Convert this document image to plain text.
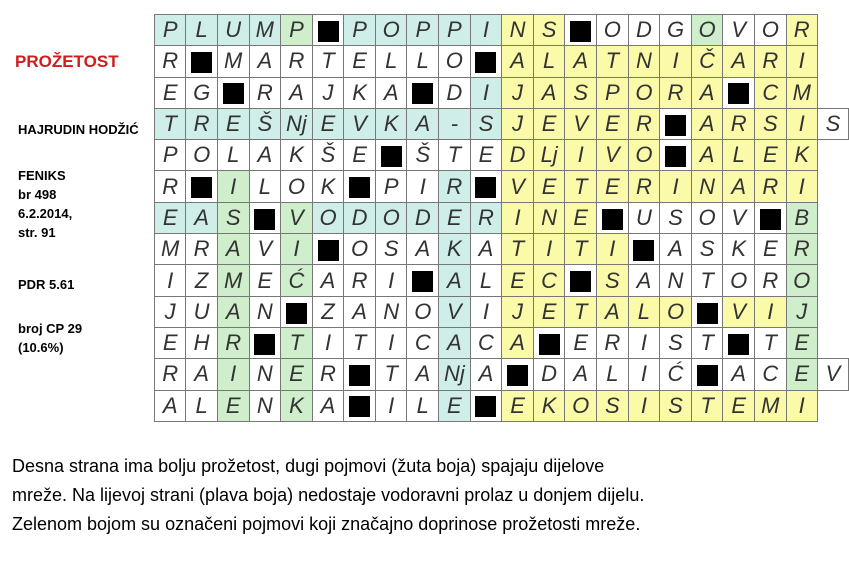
PROŽETOST
HAJRUDIN HODŽIĆ
FENIKS
br 498
6.2.2014,
str. 91
PDR 5.61
broj CP 29
(10.6%)
P	L	U	M	P		P	O	P	P	I	N	S		O	D	G	O	V	O	R	
R		M	A	R	T	E	L	L	O		A	L	A	T	N	I	Č	A	R	I	
E	G		R	A	J	K	A		D	I	J	A	S	P	O	R	A		C	M	
T	R	E	Š	Nj	E	V	K	A	-	S	J	E	V	E	R		A	R	S	I	S
P	O	L	A	K	Š	E		Š	T	E	D	Lj	I	V	O		A	L	E	K	
R		I	L	O	K		P	I	R		V	E	T	E	R	I	N	A	R	I	
E	A	S		V	O	D	O	D	E	R	I	N	E		U	S	O	V		B	
M	R	A	V	I		O	S	A	K	A	T	I	T	I		A	S	K	E	R	
I	Z	M	E	Ć	A	R	I		A	L	E	C		S	A	N	T	O	R	O	
J	U	A	N		Z	A	N	O	V	I	J	E	T	A	L	O		V	I	J	
E	H	R		T	I	T	I	C	A	C	A		E	R	I	S	T		T	E	
R	A	I	N	E	R		T	A	Nj	A		D	A	L	I	Ć		A	C	E	V
A	L	E	N	K	A		I	L	E		E	K	O	S	I	S	T	E	M	I	
Desna strana ima bolju prožetost, dugi pojmovi (žuta boja) spajaju dijelove
mreže. Na lijevoj strani (plava boja) nedostaje vodoravni prolaz u donjem dijelu.
Zelenom bojom su označeni pojmovi koji značajno doprinose prožetosti mreže.
